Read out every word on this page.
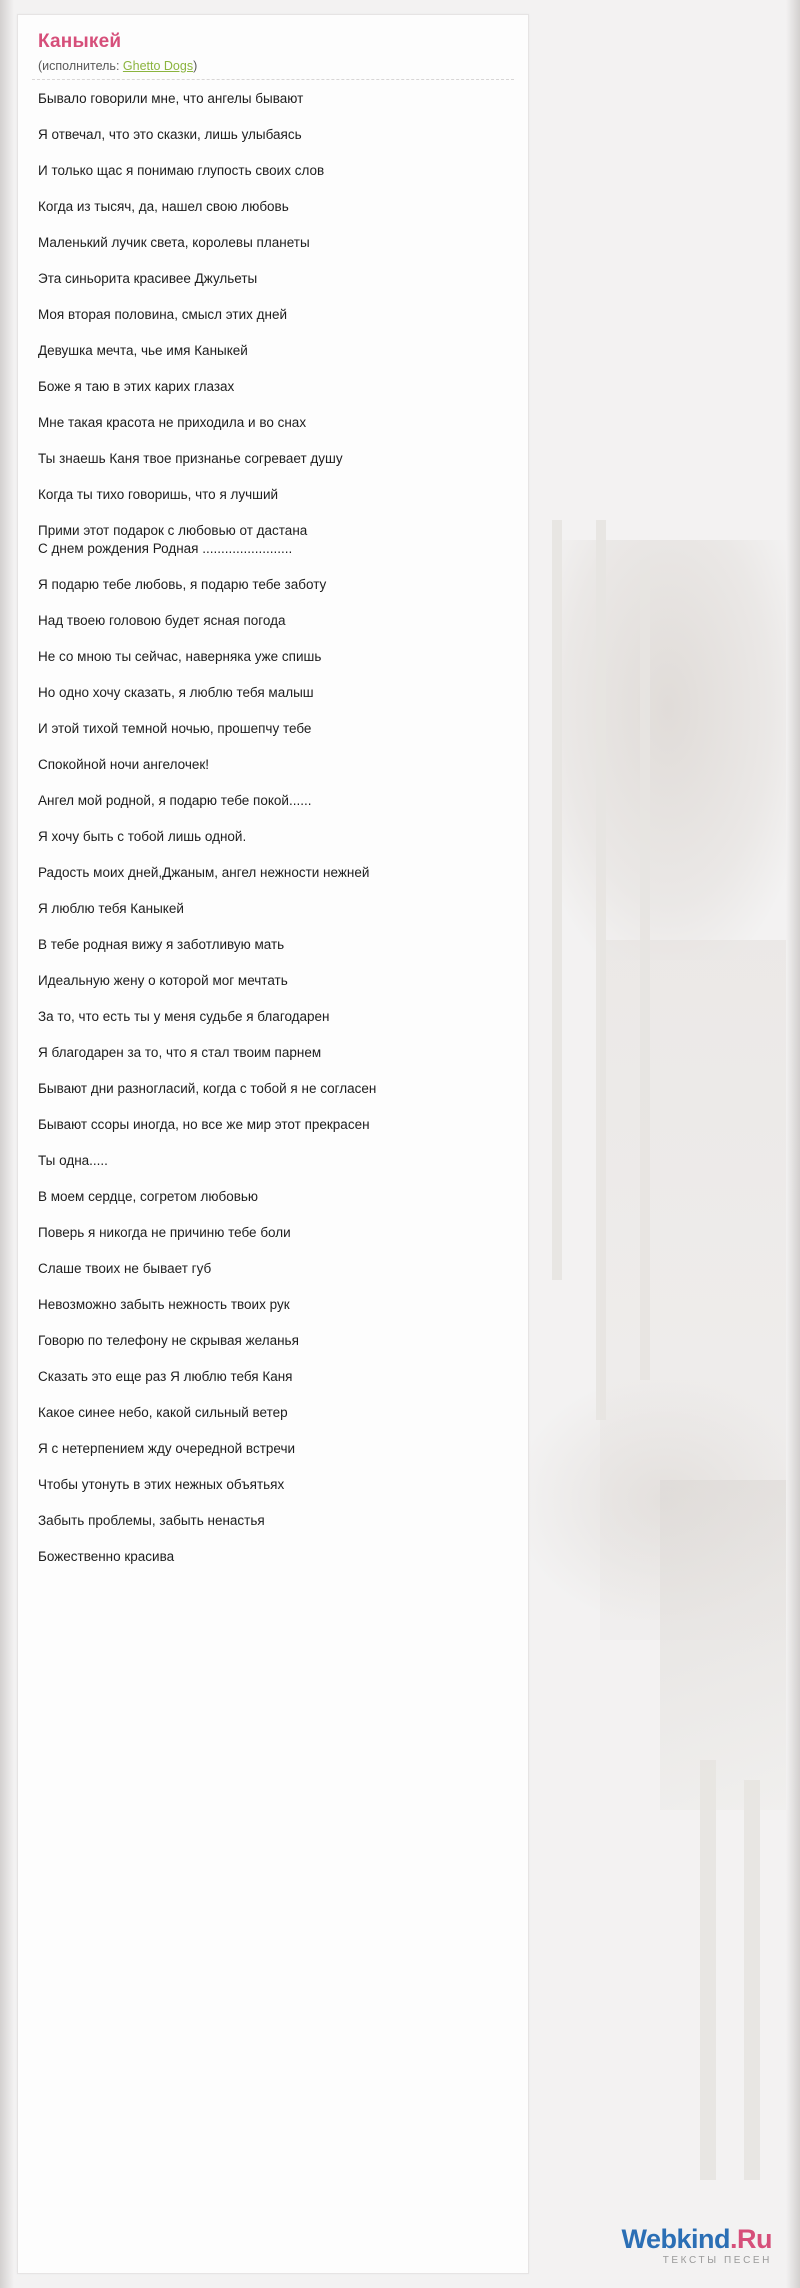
Каныкей
(исполнитель: Ghetto Dogs)
Бывало говорили мне, что ангелы бывают
Я отвечал, что это сказки, лишь улыбаясь
И только щас я понимаю глупость своих слов
Когда из тысяч, да, нашел свою любовь
Маленький лучик света, королевы планеты
Эта синьорита красивее Джульеты
Моя вторая половина, смысл этих дней
Девушка мечта, чье имя Каныкей
Боже я таю в этих карих глазах
Мне такая красота не приходила и во снах
Ты знаешь Каня твое признанье согревает душу
Когда ты тихо говоришь, что я лучший
Прими этот подарок с любовью от дастана
С днем рождения Родная ........................
Я подарю тебе любовь, я подарю тебе заботу
Над твоею головою будет ясная погода
Не со мною ты сейчас, наверняка уже спишь
Но одно хочу сказать, я люблю тебя малыш
И этой тихой темной ночью, прошепчу тебе
Спокойной ночи ангелочек!
Ангел мой родной, я подарю тебе покой......
Я хочу быть с тобой лишь одной.
Радость моих дней,Джаным, ангел нежности нежней
Я люблю тебя Каныкей
В тебе родная вижу я заботливую мать
Идеальную жену о которой мог мечтать
За то, что есть ты у меня судьбе я благодарен
Я благодарен за то, что я стал твоим парнем
Бывают дни разногласий, когда с тобой я не согласен
Бывают ссоры иногда, но все же мир этот прекрасен
Ты одна.....
В моем сердце, согретом любовью
Поверь я никогда не причиню тебе боли
Слаше твоих не бывает губ
Невозможно забыть нежность твоих рук
Говорю по телефону не скрывая желанья
Сказать это еще раз Я люблю тебя Каня
Какое синее небо, какой сильный ветер
Я с нетерпением жду очередной встречи
Чтобы утонуть в этих нежных объятьях
Забыть проблемы, забыть ненастья
Божественно красива
Webkind.Ru
ТЕКСТЫ ПЕСЕН
